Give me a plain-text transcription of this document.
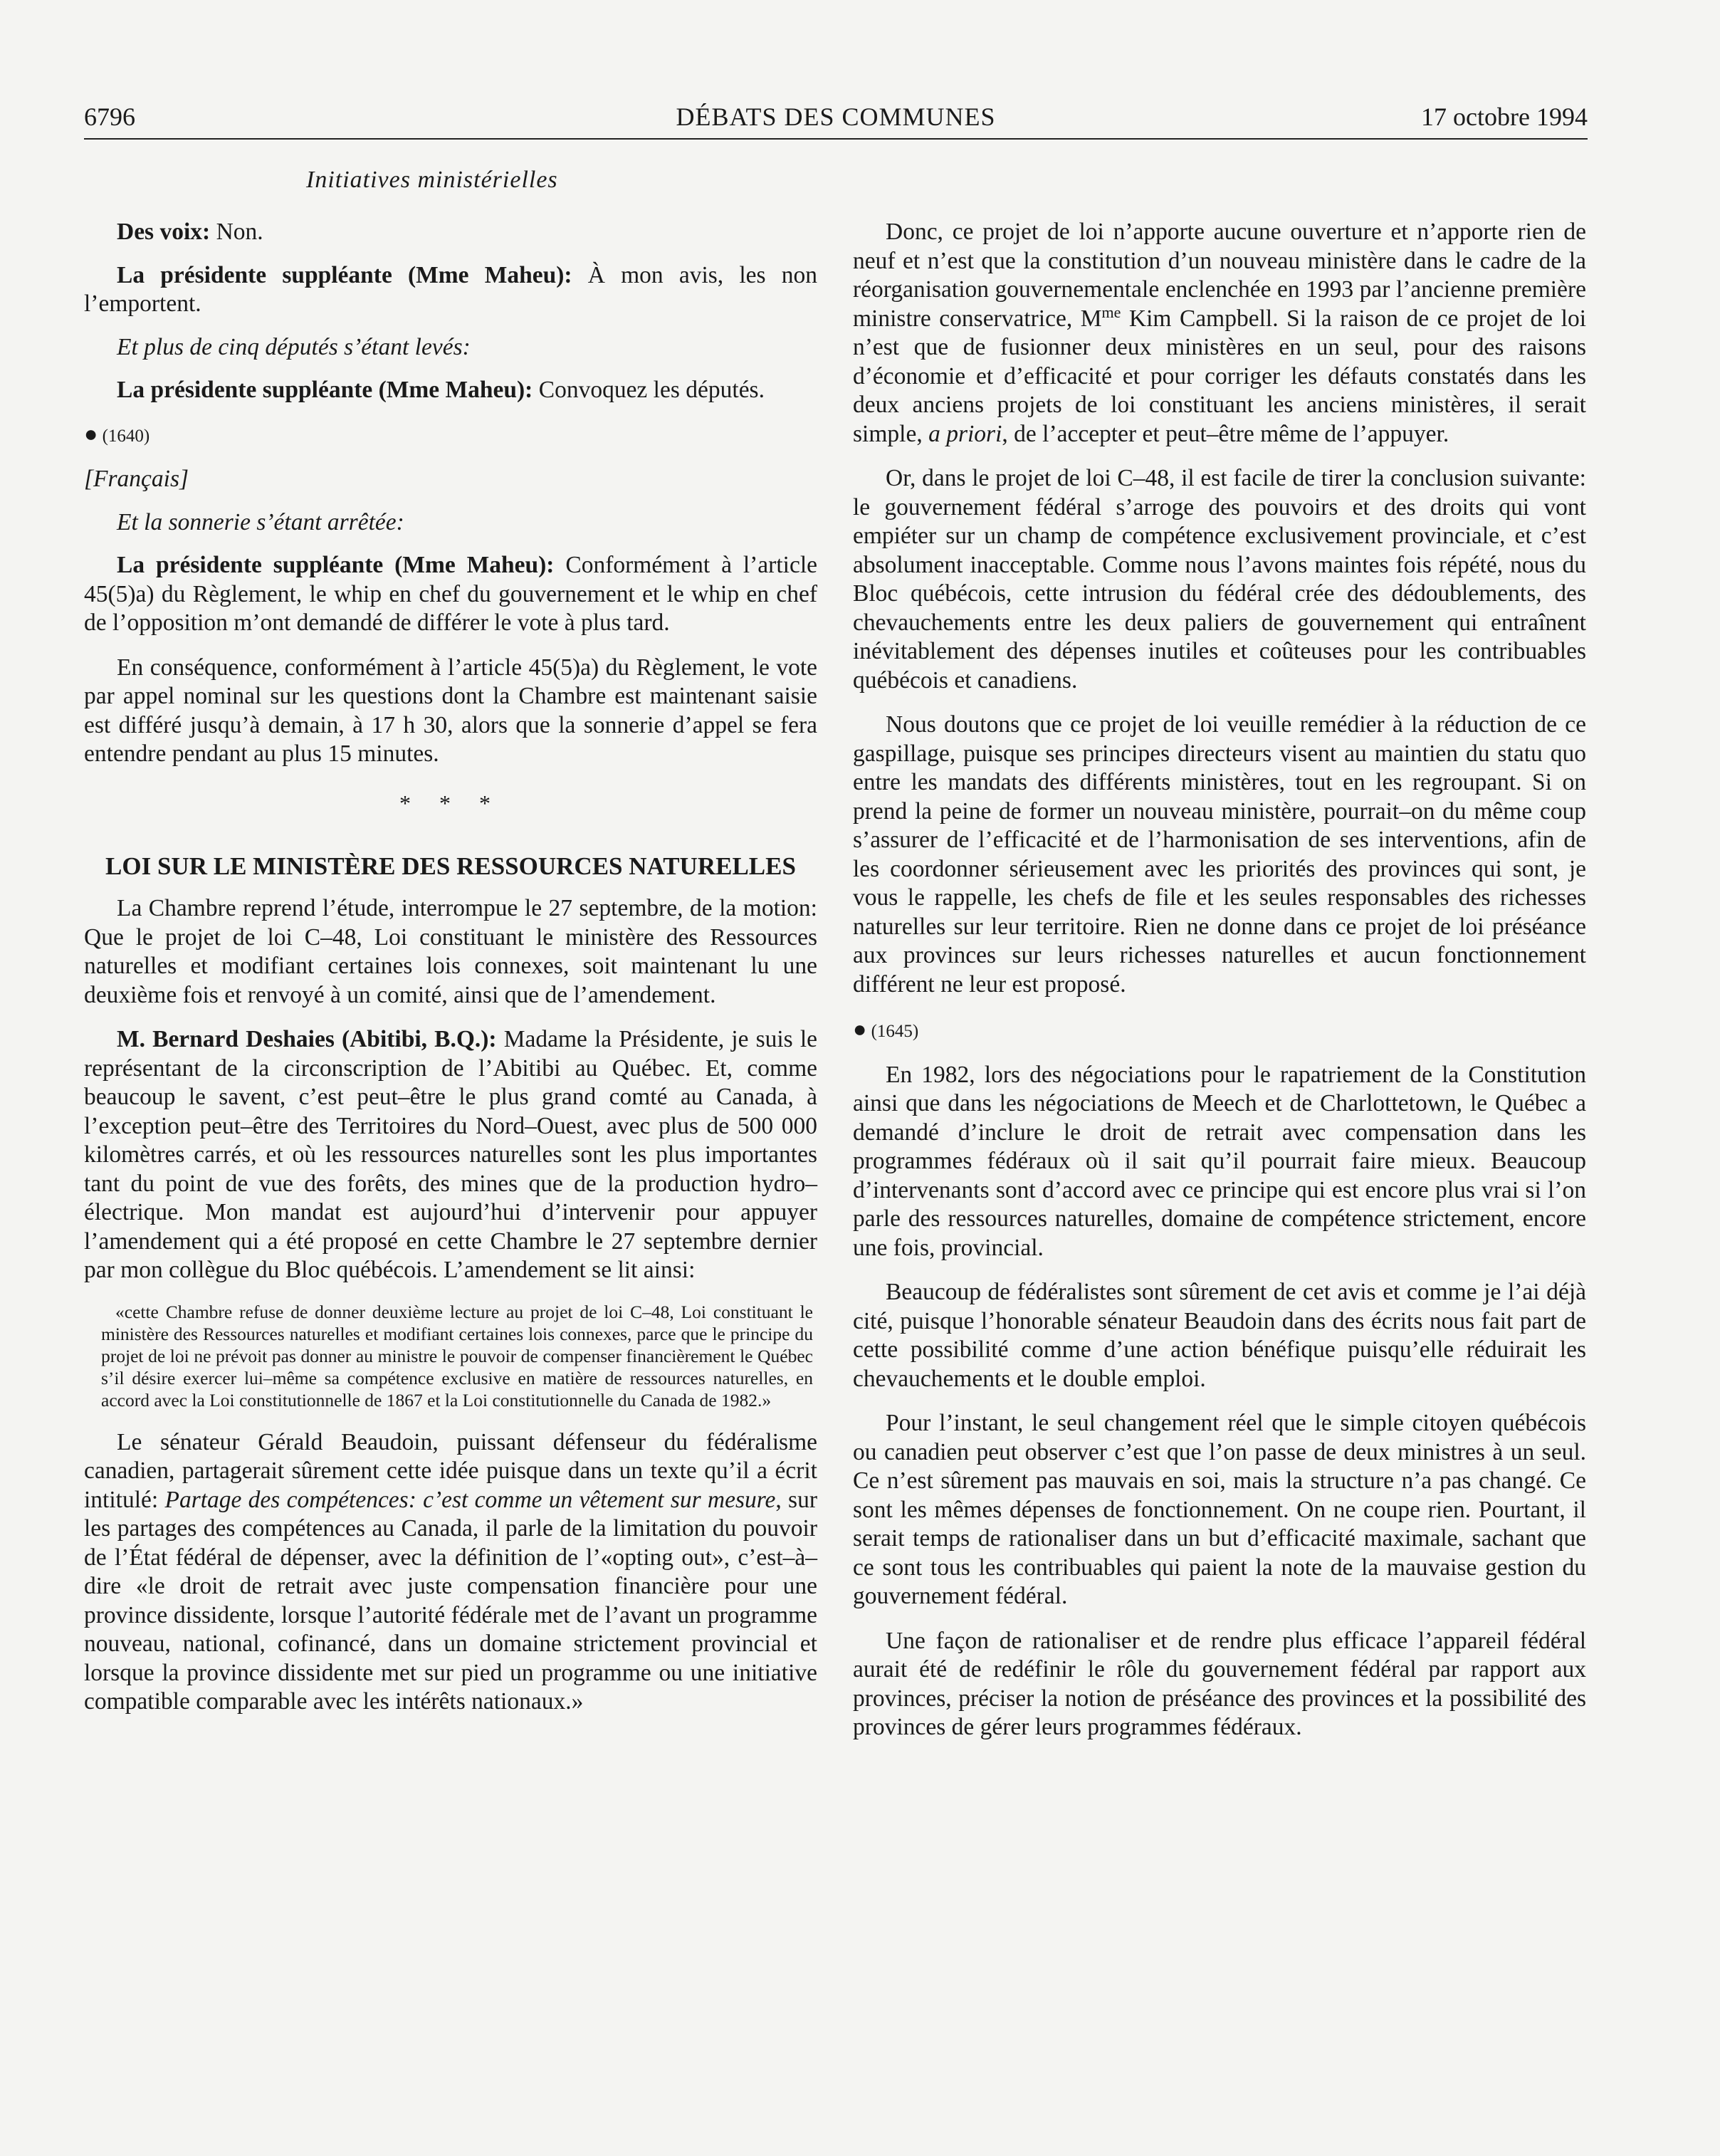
6796	DÉBATS DES COMMUNES	17 octobre 1994
Initiatives ministérielles

Des voix: Non.

La présidente suppléante (Mme Maheu): À mon avis, les non l’emportent.

Et plus de cinq députés s’étant levés:

La présidente suppléante (Mme Maheu): Convoquez les députés.

● (1640)

[Français]

Et la sonnerie s’étant arrêtée:

La présidente suppléante (Mme Maheu): Conformément à l’article 45(5)a) du Règlement, le whip en chef du gouvernement et le whip en chef de l’opposition m’ont demandé de différer le vote à plus tard.

En conséquence, conformément à l’article 45(5)a) du Règlement, le vote par appel nominal sur les questions dont la Chambre est maintenant saisie est différé jusqu’à demain, à 17 h 30, alors que la sonnerie d’appel se fera entendre pendant au plus 15 minutes.

* * *

LOI SUR LE MINISTÈRE DES RESSOURCES NATURELLES

La Chambre reprend l’étude, interrompue le 27 septembre, de la motion: Que le projet de loi C–48, Loi constituant le ministère des Ressources naturelles et modifiant certaines lois connexes, soit maintenant lu une deuxième fois et renvoyé à un comité, ainsi que de l’amendement.

M. Bernard Deshaies (Abitibi, B.Q.): Madame la Présidente, je suis le représentant de la circonscription de l’Abitibi au Québec. Et, comme beaucoup le savent, c’est peut–être le plus grand comté au Canada, à l’exception peut–être des Territoires du Nord–Ouest, avec plus de 500 000 kilomètres carrés, et où les ressources naturelles sont les plus importantes tant du point de vue des forêts, des mines que de la production hydro–électrique. Mon mandat est aujourd’hui d’intervenir pour appuyer l’amendement qui a été proposé en cette Chambre le 27 septembre dernier par mon collègue du Bloc québécois. L’amendement se lit ainsi:

«cette Chambre refuse de donner deuxième lecture au projet de loi C–48, Loi constituant le ministère des Ressources naturelles et modifiant certaines lois connexes, parce que le principe du projet de loi ne prévoit pas donner au ministre le pouvoir de compenser financièrement le Québec s’il désire exercer lui–même sa compétence exclusive en matière de ressources naturelles, en accord avec la Loi constitutionnelle de 1867 et la Loi constitutionnelle du Canada de 1982.»

Le sénateur Gérald Beaudoin, puissant défenseur du fédéralisme canadien, partagerait sûrement cette idée puisque dans un texte qu’il a écrit intitulé: Partage des compétences: c’est comme un vêtement sur mesure, sur les partages des compétences au Canada, il parle de la limitation du pouvoir de l’État fédéral de dépenser, avec la définition de l’«opting out», c’est–à–dire «le droit de retrait avec juste compensation financière pour une province dissidente, lorsque l’autorité fédérale met de l’avant un programme nouveau, national, cofinancé, dans un domaine strictement provincial et lorsque la province dissidente met sur pied un programme ou une initiative compatible comparable avec les intérêts nationaux.»

Donc, ce projet de loi n’apporte aucune ouverture et n’apporte rien de neuf et n’est que la constitution d’un nouveau ministère dans le cadre de la réorganisation gouvernementale enclenchée en 1993 par l’ancienne première ministre conservatrice, $M^{me}$ Kim Campbell. Si la raison de ce projet de loi n’est que de fusionner deux ministères en un seul, pour des raisons d’économie et d’efficacité et pour corriger les défauts constatés dans les deux anciens projets de loi constituant les anciens ministères, il serait simple, a priori, de l’accepter et peut–être même de l’appuyer.

Or, dans le projet de loi C–48, il est facile de tirer la conclusion suivante: le gouvernement fédéral s’arroge des pouvoirs et des droits qui vont empiéter sur un champ de compétence exclusivement provinciale, et c’est absolument inacceptable. Comme nous l’avons maintes fois répété, nous du Bloc québécois, cette intrusion du fédéral crée des dédoublements, des chevauchements entre les deux paliers de gouvernement qui entraînent inévitablement des dépenses inutiles et coûteuses pour les contribuables québécois et canadiens.

Nous doutons que ce projet de loi veuille remédier à la réduction de ce gaspillage, puisque ses principes directeurs visent au maintien du statu quo entre les mandats des différents ministères, tout en les regroupant. Si on prend la peine de former un nouveau ministère, pourrait–on du même coup s’assurer de l’efficacité et de l’harmonisation de ses interventions, afin de les coordonner sérieusement avec les priorités des provinces qui sont, je vous le rappelle, les chefs de file et les seules responsables des richesses naturelles sur leur territoire. Rien ne donne dans ce projet de loi préséance aux provinces sur leurs richesses naturelles et aucun fonctionnement différent ne leur est proposé.

● (1645)

En 1982, lors des négociations pour le rapatriement de la Constitution ainsi que dans les négociations de Meech et de Charlottetown, le Québec a demandé d’inclure le droit de retrait avec compensation dans les programmes fédéraux où il sait qu’il pourrait faire mieux. Beaucoup d’intervenants sont d’accord avec ce principe qui est encore plus vrai si l’on parle des ressources naturelles, domaine de compétence strictement, encore une fois, provincial.

Beaucoup de fédéralistes sont sûrement de cet avis et comme je l’ai déjà cité, puisque l’honorable sénateur Beaudoin dans des écrits nous fait part de cette possibilité comme d’une action bénéfique puisqu’elle réduirait les chevauchements et le double emploi.

Pour l’instant, le seul changement réel que le simple citoyen québécois ou canadien peut observer c’est que l’on passe de deux ministres à un seul. Ce n’est sûrement pas mauvais en soi, mais la structure n’a pas changé. Ce sont les mêmes dépenses de fonctionnement. On ne coupe rien. Pourtant, il serait temps de rationaliser dans un but d’efficacité maximale, sachant que ce sont tous les contribuables qui paient la note de la mauvaise gestion du gouvernement fédéral.

Une façon de rationaliser et de rendre plus efficace l’appareil fédéral aurait été de redéfinir le rôle du gouvernement fédéral par rapport aux provinces, préciser la notion de préséance des provinces et la possibilité des provinces de gérer leurs programmes fédéraux.
